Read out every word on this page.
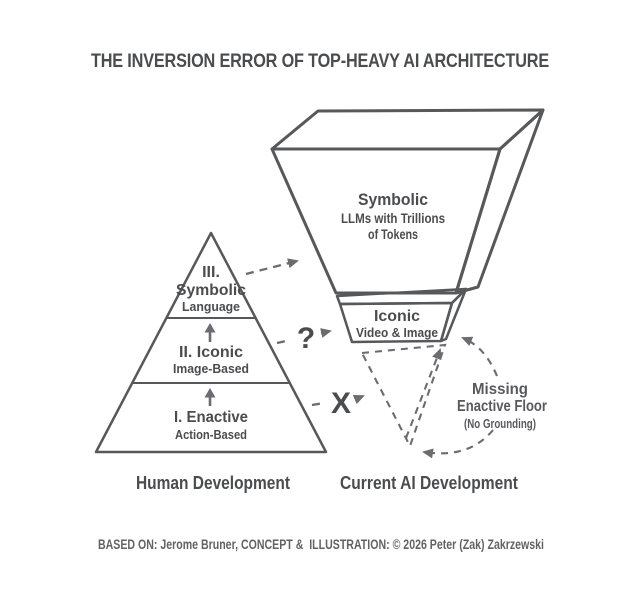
THE INVERSION ERROR OF TOP-HEAVY AI ARCHITECTURE
Symbolic
LLMs with Trillions
of Tokens
Iconic
Video & Image
Missing
Enactive Floor
(No Grounding)
III.
Symbolic
Language
II. Iconic
Image-Based
I. Enactive
Action-Based
?
X
Human Development	Current AI Development
BASED ON: Jerome Bruner, CONCEPT &  ILLUSTRATION: © 2026 Peter (Zak) Zakrzewski
